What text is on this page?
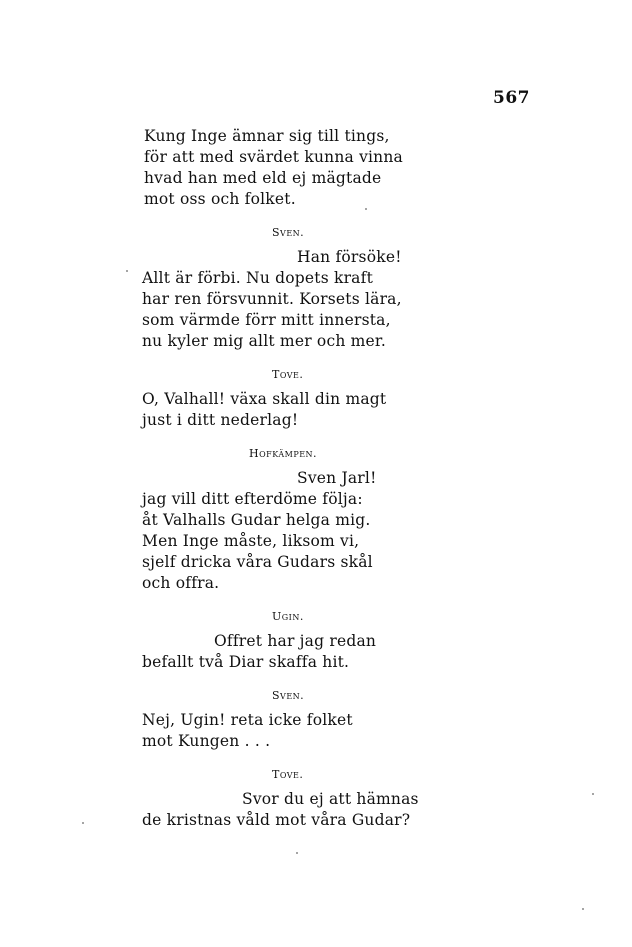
567
Kung Inge ämnar sig till tings,
för att med svärdet kunna vinna
hvad han med eld ej mägtade
mot oss och folket.
Sven.
Han försöke!
Allt är förbi. Nu dopets kraft
har ren försvunnit. Korsets lära,
som värmde förr mitt innersta,
nu kyler mig allt mer och mer.
Tove.
O, Valhall! växa skall din magt
just i ditt nederlag!
Hofkämpen.
Sven Jarl!
jag vill ditt efterdöme följa:
åt Valhalls Gudar helga mig.
Men Inge måste, liksom vi,
sjelf dricka våra Gudars skål
och offra.
Ugin.
Offret har jag redan
befallt två Diar skaffa hit.
Sven.
Nej, Ugin! reta icke folket
mot Kungen . . .
Tove.
Svor du ej att hämnas
de kristnas våld mot våra Gudar?
